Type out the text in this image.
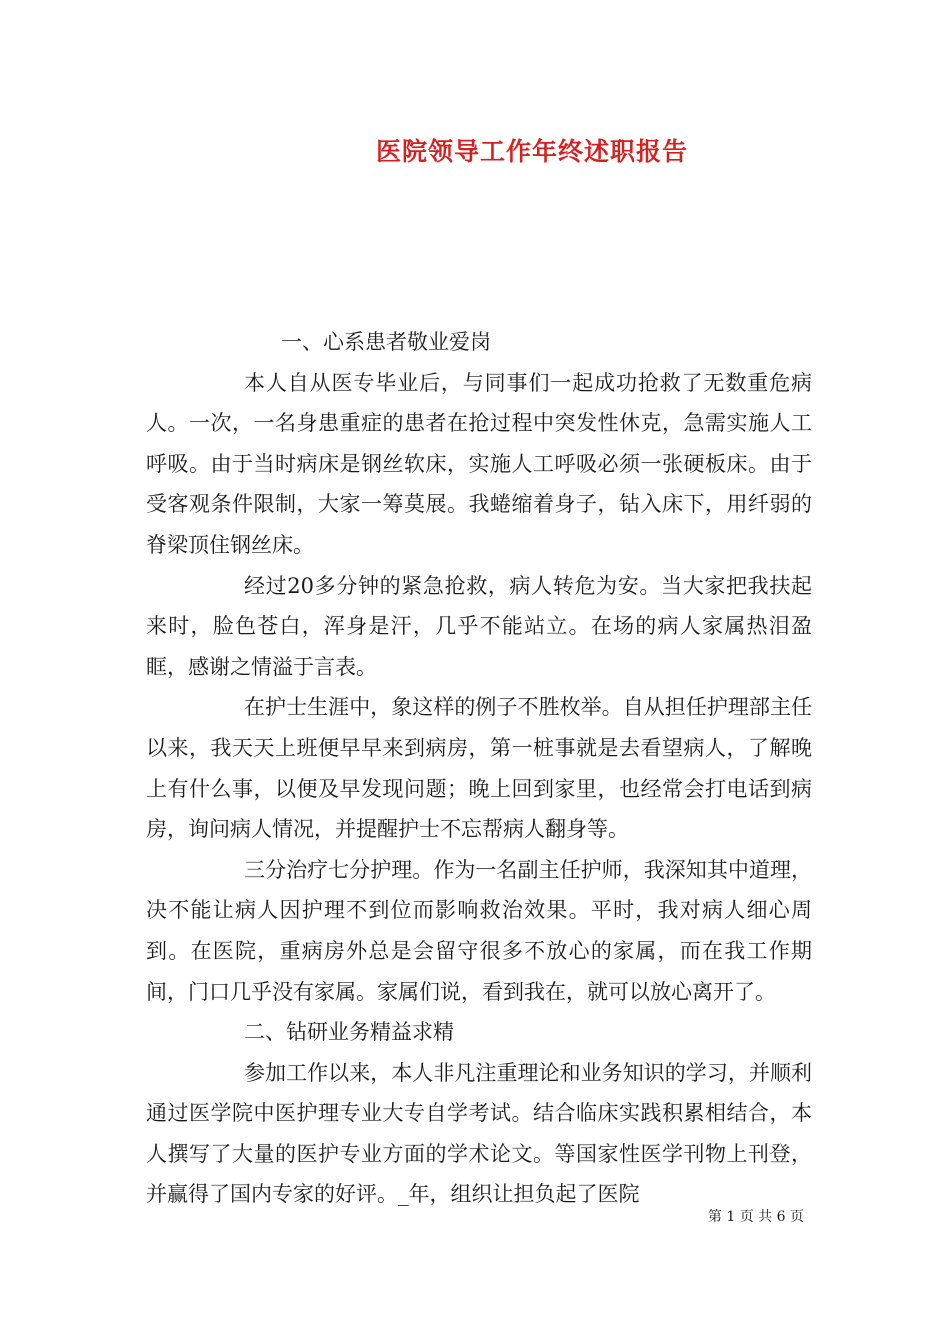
医院领导工作年终述职报告

一、心系患者敬业爱岗

本人自从医专毕业后，与同事们一起成功抢救了无数重危病人。一次，一名身患重症的患者在抢过程中突发性休克，急需实施人工呼吸。由于当时病床是钢丝软床，实施人工呼吸必须一张硬板床。由于受客观条件限制，大家一筹莫展。我蜷缩着身子，钻入床下，用纤弱的脊梁顶住钢丝床。

经过20多分钟的紧急抢救，病人转危为安。当大家把我扶起来时，脸色苍白，浑身是汗，几乎不能站立。在场的病人家属热泪盈眶，感谢之情溢于言表。

在护士生涯中，象这样的例子不胜枚举。自从担任护理部主任以来，我天天上班便早早来到病房，第一桩事就是去看望病人，了解晚上有什么事，以便及早发现问题；晚上回到家里，也经常会打电话到病房，询问病人情况，并提醒护士不忘帮病人翻身等。

三分治疗七分护理。作为一名副主任护师，我深知其中道理，决不能让病人因护理不到位而影响救治效果。平时，我对病人细心周到。在医院，重病房外总是会留守很多不放心的家属，而在我工作期间，门口几乎没有家属。家属们说，看到我在，就可以放心离开了。

二、钻研业务精益求精

参加工作以来，本人非凡注重理论和业务知识的学习，并顺利通过医学院中医护理专业大专自学考试。结合临床实践积累相结合，本人撰写了大量的医护专业方面的学术论文。等国家性医学刊物上刊登，并赢得了国内专家的好评。_年，组织让担负起了医院

第 1 页 共 6 页
